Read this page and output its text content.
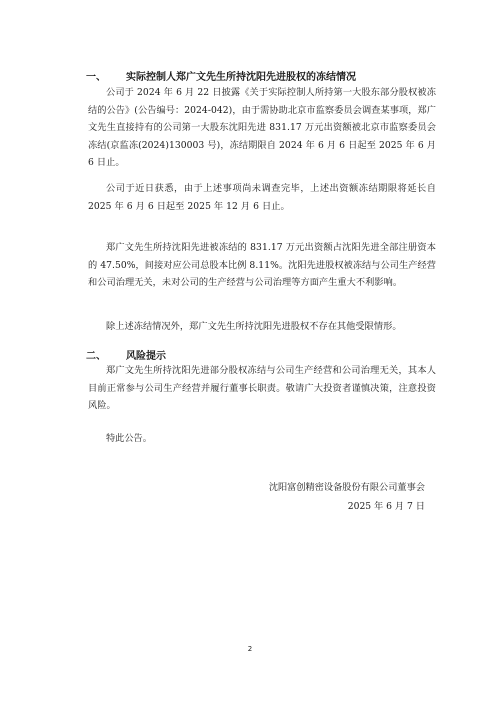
一、 实际控制人郑广文先生所持沈阳先进股权的冻结情况

公司于 2024 年 6 月 22 日披露《关于实际控制人所持第一大股东部分股权被冻结的公告》(公告编号：2024-042)，由于需协助北京市监察委员会调查某事项，郑广文先生直接持有的公司第一大股东沈阳先进 831.17 万元出资额被北京市监察委员会冻结(京监冻(2024)130003 号)，冻结期限自 2024 年 6 月 6 日起至 2025 年 6 月 6 日止。

公司于近日获悉，由于上述事项尚未调查完毕，上述出资额冻结期限将延长自 2025 年 6 月 6 日起至 2025 年 12 月 6 日止。

郑广文先生所持沈阳先进被冻结的 831.17 万元出资额占沈阳先进全部注册资本的 47.50%，间接对应公司总股本比例 8.11%。沈阳先进股权被冻结与公司生产经营和公司治理无关，未对公司的生产经营与公司治理等方面产生重大不利影响。

除上述冻结情况外，郑广文先生所持沈阳先进股权不存在其他受限情形。

二、 风险提示

郑广文先生所持沈阳先进部分股权冻结与公司生产经营和公司治理无关，其本人目前正常参与公司生产经营并履行董事长职责。敬请广大投资者谨慎决策，注意投资风险。

特此公告。

沈阳富创精密设备股份有限公司董事会
2025 年 6 月 7 日
2
